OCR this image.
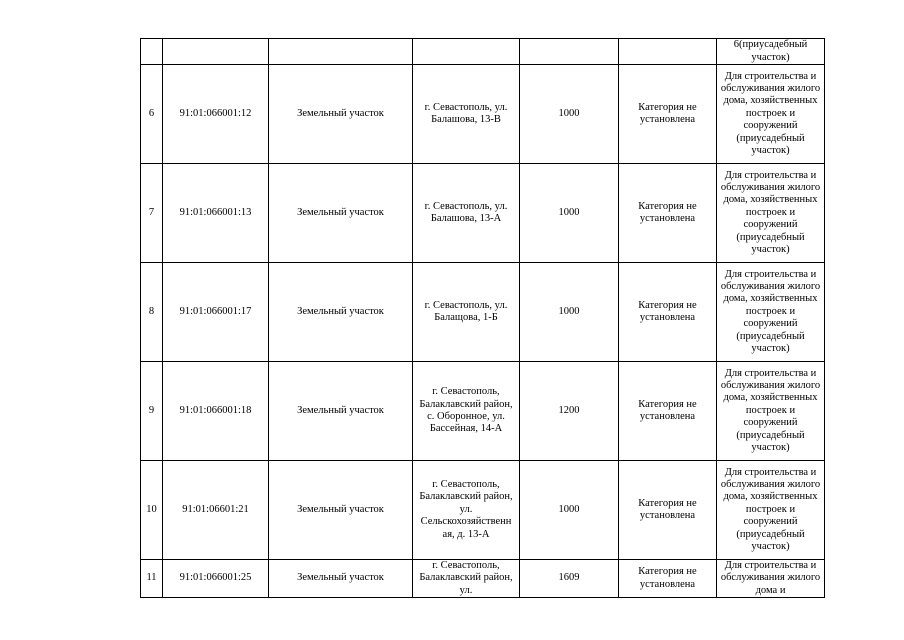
						6(приусадебный участок)
6	91:01:066001:12	Земельный участок	г. Севастополь, ул. Балашова, 13-В	1000	Категория не установлена	Для строительства и обслуживания жилого дома, хозяйственных построек и сооружений (приусадебный участок)
7	91:01:066001:13	Земельный участок	г. Севастополь, ул. Балашова, 13-А	1000	Категория не установлена	Для строительства и обслуживания жилого дома, хозяйственных построек и сооружений (приусадебный участок)
8	91:01:066001:17	Земельный участок	г. Севастополь, ул. Балащова, 1-Б	1000	Категория не установлена	Для строительства и обслуживания жилого дома, хозяйственных построек и сооружений (приусадебный участок)
9	91:01:066001:18	Земельный участок	г. Севастополь, Балаклавский район, с. Оборонное, ул. Бассейная, 14-А	1200	Категория не установлена	Для строительства и обслуживания жилого дома, хозяйственных построек и сооружений (приусадебный участок)
10	91:01:06601:21	Земельный участок	г. Севастополь, Балаклавский район, ул. Сельскохозяйственн ая, д. 13-А	1000	Категория не установлена	Для строительства и обслуживания жилого дома, хозяйственных построек и сооружений (приусадебный участок)
11	91:01:066001:25	Земельный участок	г. Севастополь, Балаклавский район, ул.	1609	Категория не установлена	Для строительства и обслуживания жилого дома и
